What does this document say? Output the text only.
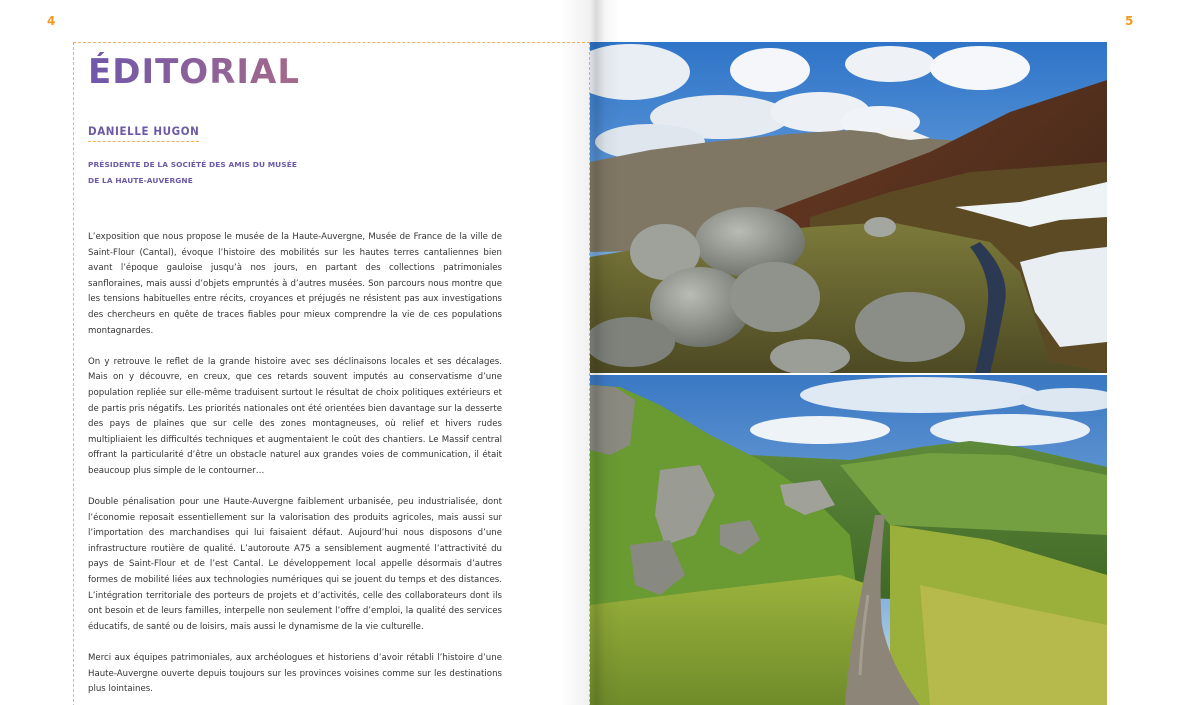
4	5
ÉDITORIAL
DANIELLE HUGON
PRÉSIDENTE DE LA SOCIÉTÉ DES AMIS DU MUSÉE
DE LA HAUTE-AUVERGNE

L’exposition que nous propose le musée de la Haute-Auvergne, Musée de France de la ville de Saint-Flour (Cantal), évoque l’histoire des mobilités sur les hautes terres cantaliennes bien avant l’époque gauloise jusqu’à nos jours, en partant des collections patrimoniales sanfloraines, mais aussi d’objets empruntés à d’autres musées. Son parcours nous montre que les tensions habituelles entre récits, croyances et préjugés ne résistent pas aux investigations des chercheurs en quête de traces fiables pour mieux comprendre la vie de ces populations montagnardes.

On y retrouve le reflet de la grande histoire avec ses déclinaisons locales et ses décalages. Mais on y découvre, en creux, que ces retards souvent imputés au conservatisme d’une population repliée sur elle-même traduisent surtout le résultat de choix politiques extérieurs et de partis pris négatifs. Les priorités nationales ont été orientées bien davantage sur la desserte des pays de plaines que sur celle des zones montagneuses, où relief et hivers rudes multipliaient les difficultés techniques et augmentaient le coût des chantiers. Le Massif central offrant la particularité d’être un obstacle naturel aux grandes voies de communication, il était beaucoup plus simple de le contourner…

Double pénalisation pour une Haute-Auvergne faiblement urbanisée, peu industrialisée, dont l’économie reposait essentiellement sur la valorisation des produits agricoles, mais aussi sur l’importation des marchandises qui lui faisaient défaut. Aujourd’hui nous disposons d’une infrastructure routière de qualité. L’autoroute A75 a sensiblement augmenté l’attractivité du pays de Saint-Flour et de l’est Cantal. Le développement local appelle désormais d’autres formes de mobilité liées aux technologies numériques qui se jouent du temps et des distances. L’intégration territoriale des porteurs de projets et d’activités, celle des collaborateurs dont ils ont besoin et de leurs familles, interpelle non seulement l’offre d’emploi, la qualité des services éducatifs, de santé ou de loisirs, mais aussi le dynamisme de la vie culturelle.

Merci aux équipes patrimoniales, aux archéologues et historiens d’avoir rétabli l’histoire d’une Haute-Auvergne ouverte depuis toujours sur les provinces voisines comme sur les destinations plus lointaines.
